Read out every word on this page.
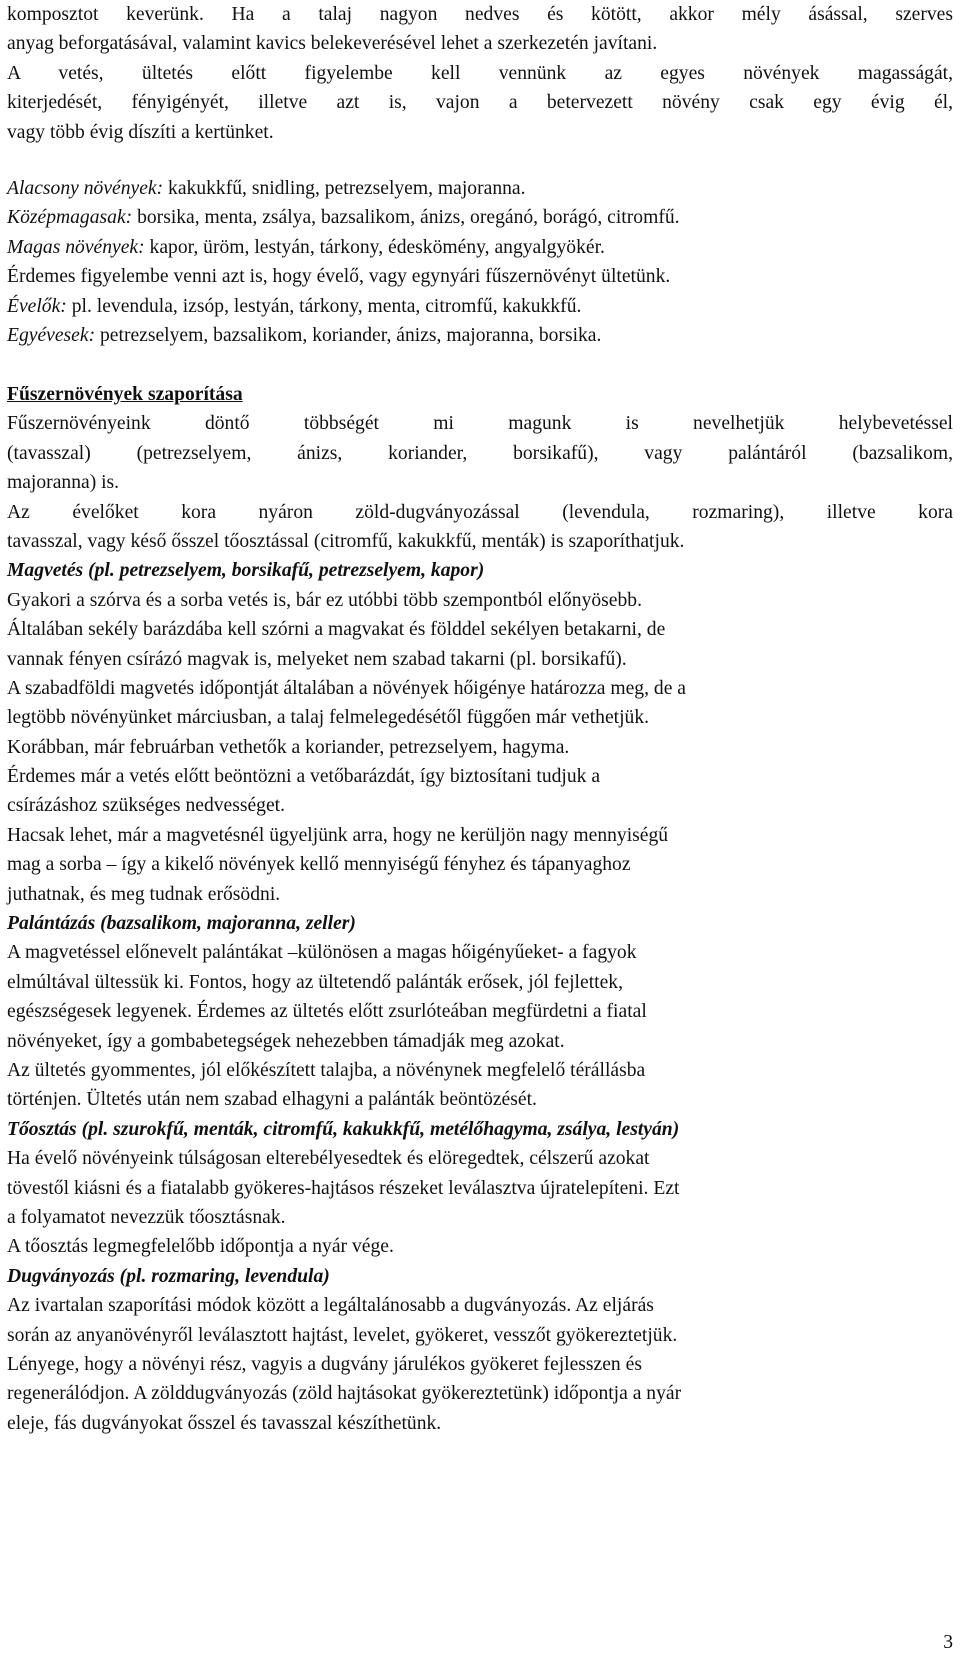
komposztot keverünk. Ha a talaj nagyon nedves és kötött, akkor mély ásással, szerves
anyag beforgatásával, valamint kavics belekeverésével lehet a szerkezetén javítani.
A vetés, ültetés előtt figyelembe kell vennünk az egyes növények magasságát,
kiterjedését, fényigényét, illetve azt is, vajon a betervezett növény csak egy évig él,
vagy több évig díszíti a kertünket.
Alacsony növények: kakukkfű, snidling, petrezselyem, majoranna.
Középmagasak: borsika, menta, zsálya, bazsalikom, ánizs, oregánó, borágó, citromfű.
Magas növények: kapor, üröm, lestyán, tárkony, édeskömény, angyalgyökér.
Érdemes figyelembe venni azt is, hogy évelő, vagy egynyári fűszernövényt ültetünk.
Évelők: pl. levendula, izsóp, lestyán, tárkony, menta, citromfű, kakukkfű.
Egyévesek: petrezselyem, bazsalikom, koriander, ánizs, majoranna, borsika.
Fűszernövények szaporítása
Fűszernövényeink döntő többségét mi magunk is nevelhetjük helybevetéssel
(tavasszal) (petrezselyem, ánizs, koriander, borsikafű), vagy palántáról (bazsalikom,
majoranna) is.
Az évelőket kora nyáron zöld-dugványozással (levendula, rozmaring), illetve kora
tavasszal, vagy késő ősszel tőosztással (citromfű, kakukkfű, menták) is szaporíthatjuk.
Magvetés (pl. petrezselyem, borsikafű, petrezselyem, kapor)
Gyakori a szórva és a sorba vetés is, bár ez utóbbi több szempontból előnyösebb.
Általában sekély barázdába kell szórni a magvakat és földdel sekélyen betakarni, de
vannak fényen csírázó magvak is, melyeket nem szabad takarni (pl. borsikafű).
A szabadföldi magvetés időpontját általában a növények hőigénye határozza meg, de a
legtöbb növényünket márciusban, a talaj felmelegedésétől függően már vethetjük.
Korábban, már februárban vethetők a koriander, petrezselyem, hagyma.
Érdemes már a vetés előtt beöntözni a vetőbarázdát, így biztosítani tudjuk a
csírázáshoz szükséges nedvességet.
Hacsak lehet, már a magvetésnél ügyeljünk arra, hogy ne kerüljön nagy mennyiségű
mag a sorba – így a kikelő növények kellő mennyiségű fényhez és tápanyaghoz
juthatnak, és meg tudnak erősödni.
Palántázás (bazsalikom, majoranna, zeller)
A magvetéssel előnevelt palántákat –különösen a magas hőigényűeket- a fagyok
elmúltával ültessük ki. Fontos, hogy az ültetendő palánták erősek, jól fejlettek,
egészségesek legyenek. Érdemes az ültetés előtt zsurlóteában megfürdetni a fiatal
növényeket, így a gombabetegségek nehezebben támadják meg azokat.
Az ültetés gyommentes, jól előkészített talajba, a növénynek megfelelő térállásba
történjen. Ültetés után nem szabad elhagyni a palánták beöntözését.
Tőosztás (pl. szurokfű, menták, citromfű, kakukkfű, metélőhagyma, zsálya, lestyán)
Ha évelő növényeink túlságosan elterebélyesedtek és elöregedtek, célszerű azokat
tövestől kiásni és a fiatalabb gyökeres-hajtásos részeket leválasztva újratelepíteni. Ezt
a folyamatot nevezzük tőosztásnak.
A tőosztás legmegfelelőbb időpontja a nyár vége.
Dugványozás (pl. rozmaring, levendula)
Az ivartalan szaporítási módok között a legáltalánosabb a dugványozás. Az eljárás
során az anyanövényről leválasztott hajtást, levelet, gyökeret, vesszőt gyökereztetjük.
Lényege, hogy a növényi rész, vagyis a dugvány járulékos gyökeret fejlesszen és
regenerálódjon. A zölddugványozás (zöld hajtásokat gyökereztetünk) időpontja a nyár
eleje, fás dugványokat ősszel és tavasszal készíthetünk.
3
